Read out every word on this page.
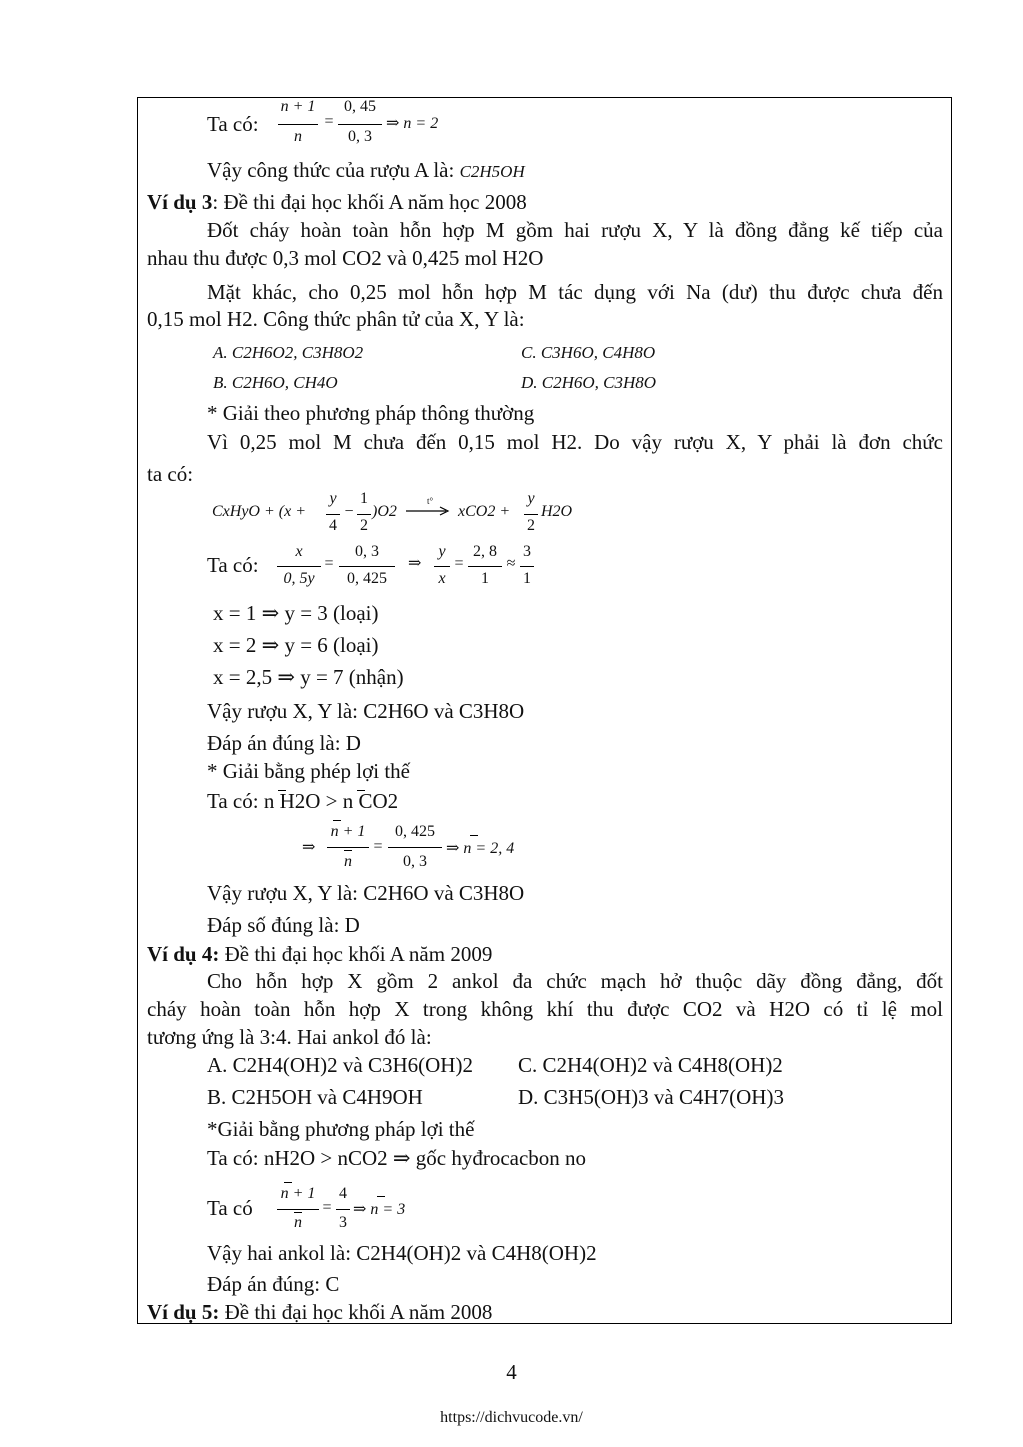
Ta có:
n + 1
n
=
0, 45
0, 3
⇒ n = 2
Vậy công thức của rượu A là: C2H5OH
Ví dụ 3: Đề thi đại học khối A năm học 2008
Đốt cháy hoàn toàn hỗn hợp M gồm hai rượu X, Y là đồng đẳng kế tiếp của
nhau thu được 0,3 mol CO2 và 0,425 mol H2O
Mặt khác, cho 0,25 mol hỗn hợp M tác dụng với Na (dư) thu được chưa đến
0,15 mol H2. Công thức phân tử của X, Y là:
A. C2H6O2, C3H8O2	C. C3H6O, C4H8O
B. C2H6O, CH4O	D. C2H6O, C3H8O
* Giải theo phương pháp thông thường
Vì 0,25 mol M chưa đến 0,15 mol H2. Do vậy rượu X, Y phải là đơn chức
ta có:
CxHyO + (x +
y
4
−
1
2
)O2
t°
→ xCO2 +
y
2
H2O
Ta có:
x
0, 5y
=
0, 3
0, 425
⇒
y
x
=
2, 8
1
≈
3
1
x = 1 ⇒ y = 3 (loại)
x = 2 ⇒ y = 6 (loại)
x = 2,5 ⇒ y = 7 (nhận)
Vậy rượu X, Y là: C2H6O và C3H8O
Đáp án đúng là: D
* Giải bằng phép lợi thế
Ta có: n H2O > n CO2
⇒
n + 1
n
=
0, 425
0, 3
⇒ n = 2, 4
Vậy rượu X, Y là: C2H6O và C3H8O
Đáp số đúng là: D
Ví dụ 4: Đề thi đại học khối A năm 2009
Cho hỗn hợp X gồm 2 ankol đa chức mạch hở thuộc dãy đồng đẳng, đốt
cháy hoàn toàn hỗn hợp X trong không khí thu được CO2 và H2O có tỉ lệ mol
tương ứng là 3:4. Hai ankol đó là:
A. C2H4(OH)2 và C3H6(OH)2 C. C2H4(OH)2 và C4H8(OH)2
B. C2H5OH và C4H9OH	D. C3H5(OH)3 và C4H7(OH)3
*Giải bằng phương pháp lợi thế
Ta có: nH2O > nCO2 ⇒ gốc hyđrocacbon no
Ta có
n + 1
n
=
4
3
⇒ n = 3
Vậy hai ankol là: C2H4(OH)2 và C4H8(OH)2
Đáp án đúng: C
Ví dụ 5: Đề thi đại học khối A năm 2008
4
https://dichvucode.vn/
